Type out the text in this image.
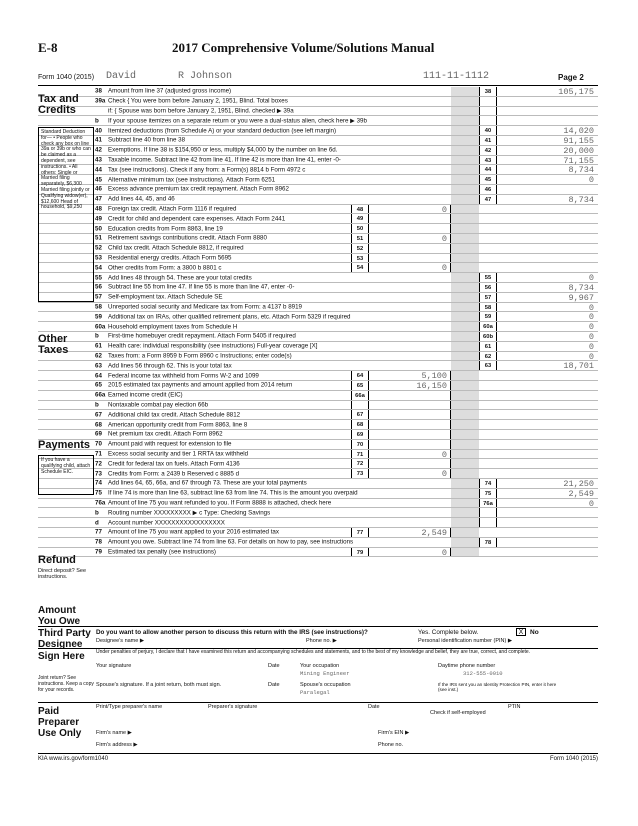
E-8	2017 Comprehensive Volume/Solutions Manual
Form 1040 (2015) David	R Johnson	111-11-1112	Page 2
38 Amount from line 37 (adjusted gross income)	38	105,175
39a Check { You were born before January 2, 1951, Blind. Total boxes
if: { Spouse was born before January 2, 1951, Blind. checked ▶ 39a
b If your spouse itemizes on a separate return or you were a dual-status alien, check here ▶ 39b
40 Itemized deductions (from Schedule A) or your standard deduction (see left margin)	40	14,020
41 Subtract line 40 from line 38	41	91,155
42 Exemptions. If line 38 is $154,950 or less, multiply $4,000 by the number on line 6d.	42	20,000
43 Taxable income. Subtract line 42 from line 41. If line 42 is more than line 41, enter -0-	43	71,155
44 Tax (see instructions). Check if any from: a Form(s) 8814 b Form 4972 c	44	8,734
45 Alternative minimum tax (see instructions). Attach Form 6251	45	0
46 Excess advance premium tax credit repayment. Attach Form 8962	46
47 Add lines 44, 45, and 46	47	8,734
48 Foreign tax credit. Attach Form 1116 if required	48	0
49 Credit for child and dependent care expenses. Attach Form 2441	49
50 Education credits from Form 8863, line 19	50
51 Retirement savings contributions credit. Attach Form 8880	51	0
52 Child tax credit. Attach Schedule 8812, if required	52
53 Residential energy credits. Attach Form 5695	53
54 Other credits from Form: a 3800 b 8801 c	54	0
55 Add lines 48 through 54. These are your total credits	55	0
56 Subtract line 55 from line 47. If line 55 is more than line 47, enter -0-	56	8,734
57 Self-employment tax. Attach Schedule SE	57	9,967
58 Unreported social security and Medicare tax from Form: a 4137 b 8919	58	0
59 Additional tax on IRAs, other qualified retirement plans, etc. Attach Form 5329 if required	59	0
60a Household employment taxes from Schedule H	60a	0
b First-time homebuyer credit repayment. Attach Form 5405 if required	60b	0
61 Health care: individual responsibility (see instructions) Full-year coverage [X]	61	0
62 Taxes from: a Form 8959 b Form 8960 c Instructions; enter code(s)	62	0
63 Add lines 56 through 62. This is your total tax	63	18,701
64 Federal income tax withheld from Forms W-2 and 1099	64	5,100
65 2015 estimated tax payments and amount applied from 2014 return	65	16,150
66a Earned income credit (EIC)	66a
b Nontaxable combat pay election 66b
67 Additional child tax credit. Attach Schedule 8812	67
68 American opportunity credit from Form 8863, line 8	68
69 Net premium tax credit. Attach Form 8962	69
70 Amount paid with request for extension to file	70
71 Excess social security and tier 1 RRTA tax withheld	71	0
72 Credit for federal tax on fuels. Attach Form 4136	72
73 Credits from Form: a 2439 b Reserved c 8885 d	73	0
74 Add lines 64, 65, 66a, and 67 through 73. These are your total payments	74	21,250
75 If line 74 is more than line 63, subtract line 63 from line 74. This is the amount you overpaid	75	2,549
76a Amount of line 75 you want refunded to you. If Form 8888 is attached, check here	76a	0
b Routing number XXXXXXXXX ▶ c Type: Checking Savings
d Account number XXXXXXXXXXXXXXXXX
77 Amount of line 75 you want applied to your 2016 estimated tax	77	2,549
78 Amount you owe. Subtract line 74 from line 63. For details on how to pay, see instructions	78
79 Estimated tax penalty (see instructions)	79	0
Tax and Credits
Standard Deduction for— • People who check any box on line 39a or 39b or who can be claimed as a dependent, see instructions. • All others: Single or Married filing separately, $6,300 Married filing jointly or Qualifying widow(er), $12,600 Head of household, $9,250
Other Taxes
Payments
If you have a qualifying child, attach Schedule EIC.
Refund
Direct deposit? See instructions.
Amount You Owe
Third Party Designee
Do you want to allow another person to discuss this return with the IRS (see instructions)?	Yes. Complete below.	X	No
Designee's name ▶	Phone no. ▶	Personal identification number (PIN) ▶
Sign Here
Joint return? See instructions. Keep a copy for your records.
Under penalties of perjury, I declare that I have examined this return and accompanying schedules and statements, and to the best of my knowledge and belief, they are true, correct, and complete.
Your signature	Date	Your occupation
Mining Engineer
Daytime phone number
312-555-0010
Spouse's signature. If a joint return, both must sign.	Date	Spouse's occupation
Paralegal
If the IRS sent you an Identity Protection PIN, enter it here (see inst.)
Paid Preparer Use Only
Print/Type preparer's name	Preparer's signature	Date
Check if self-employed
PTIN
Firm's name ▶	Firm's EIN ▶
Firm's address ▶	Phone no.
KIA www.irs.gov/form1040	Form 1040 (2015)
